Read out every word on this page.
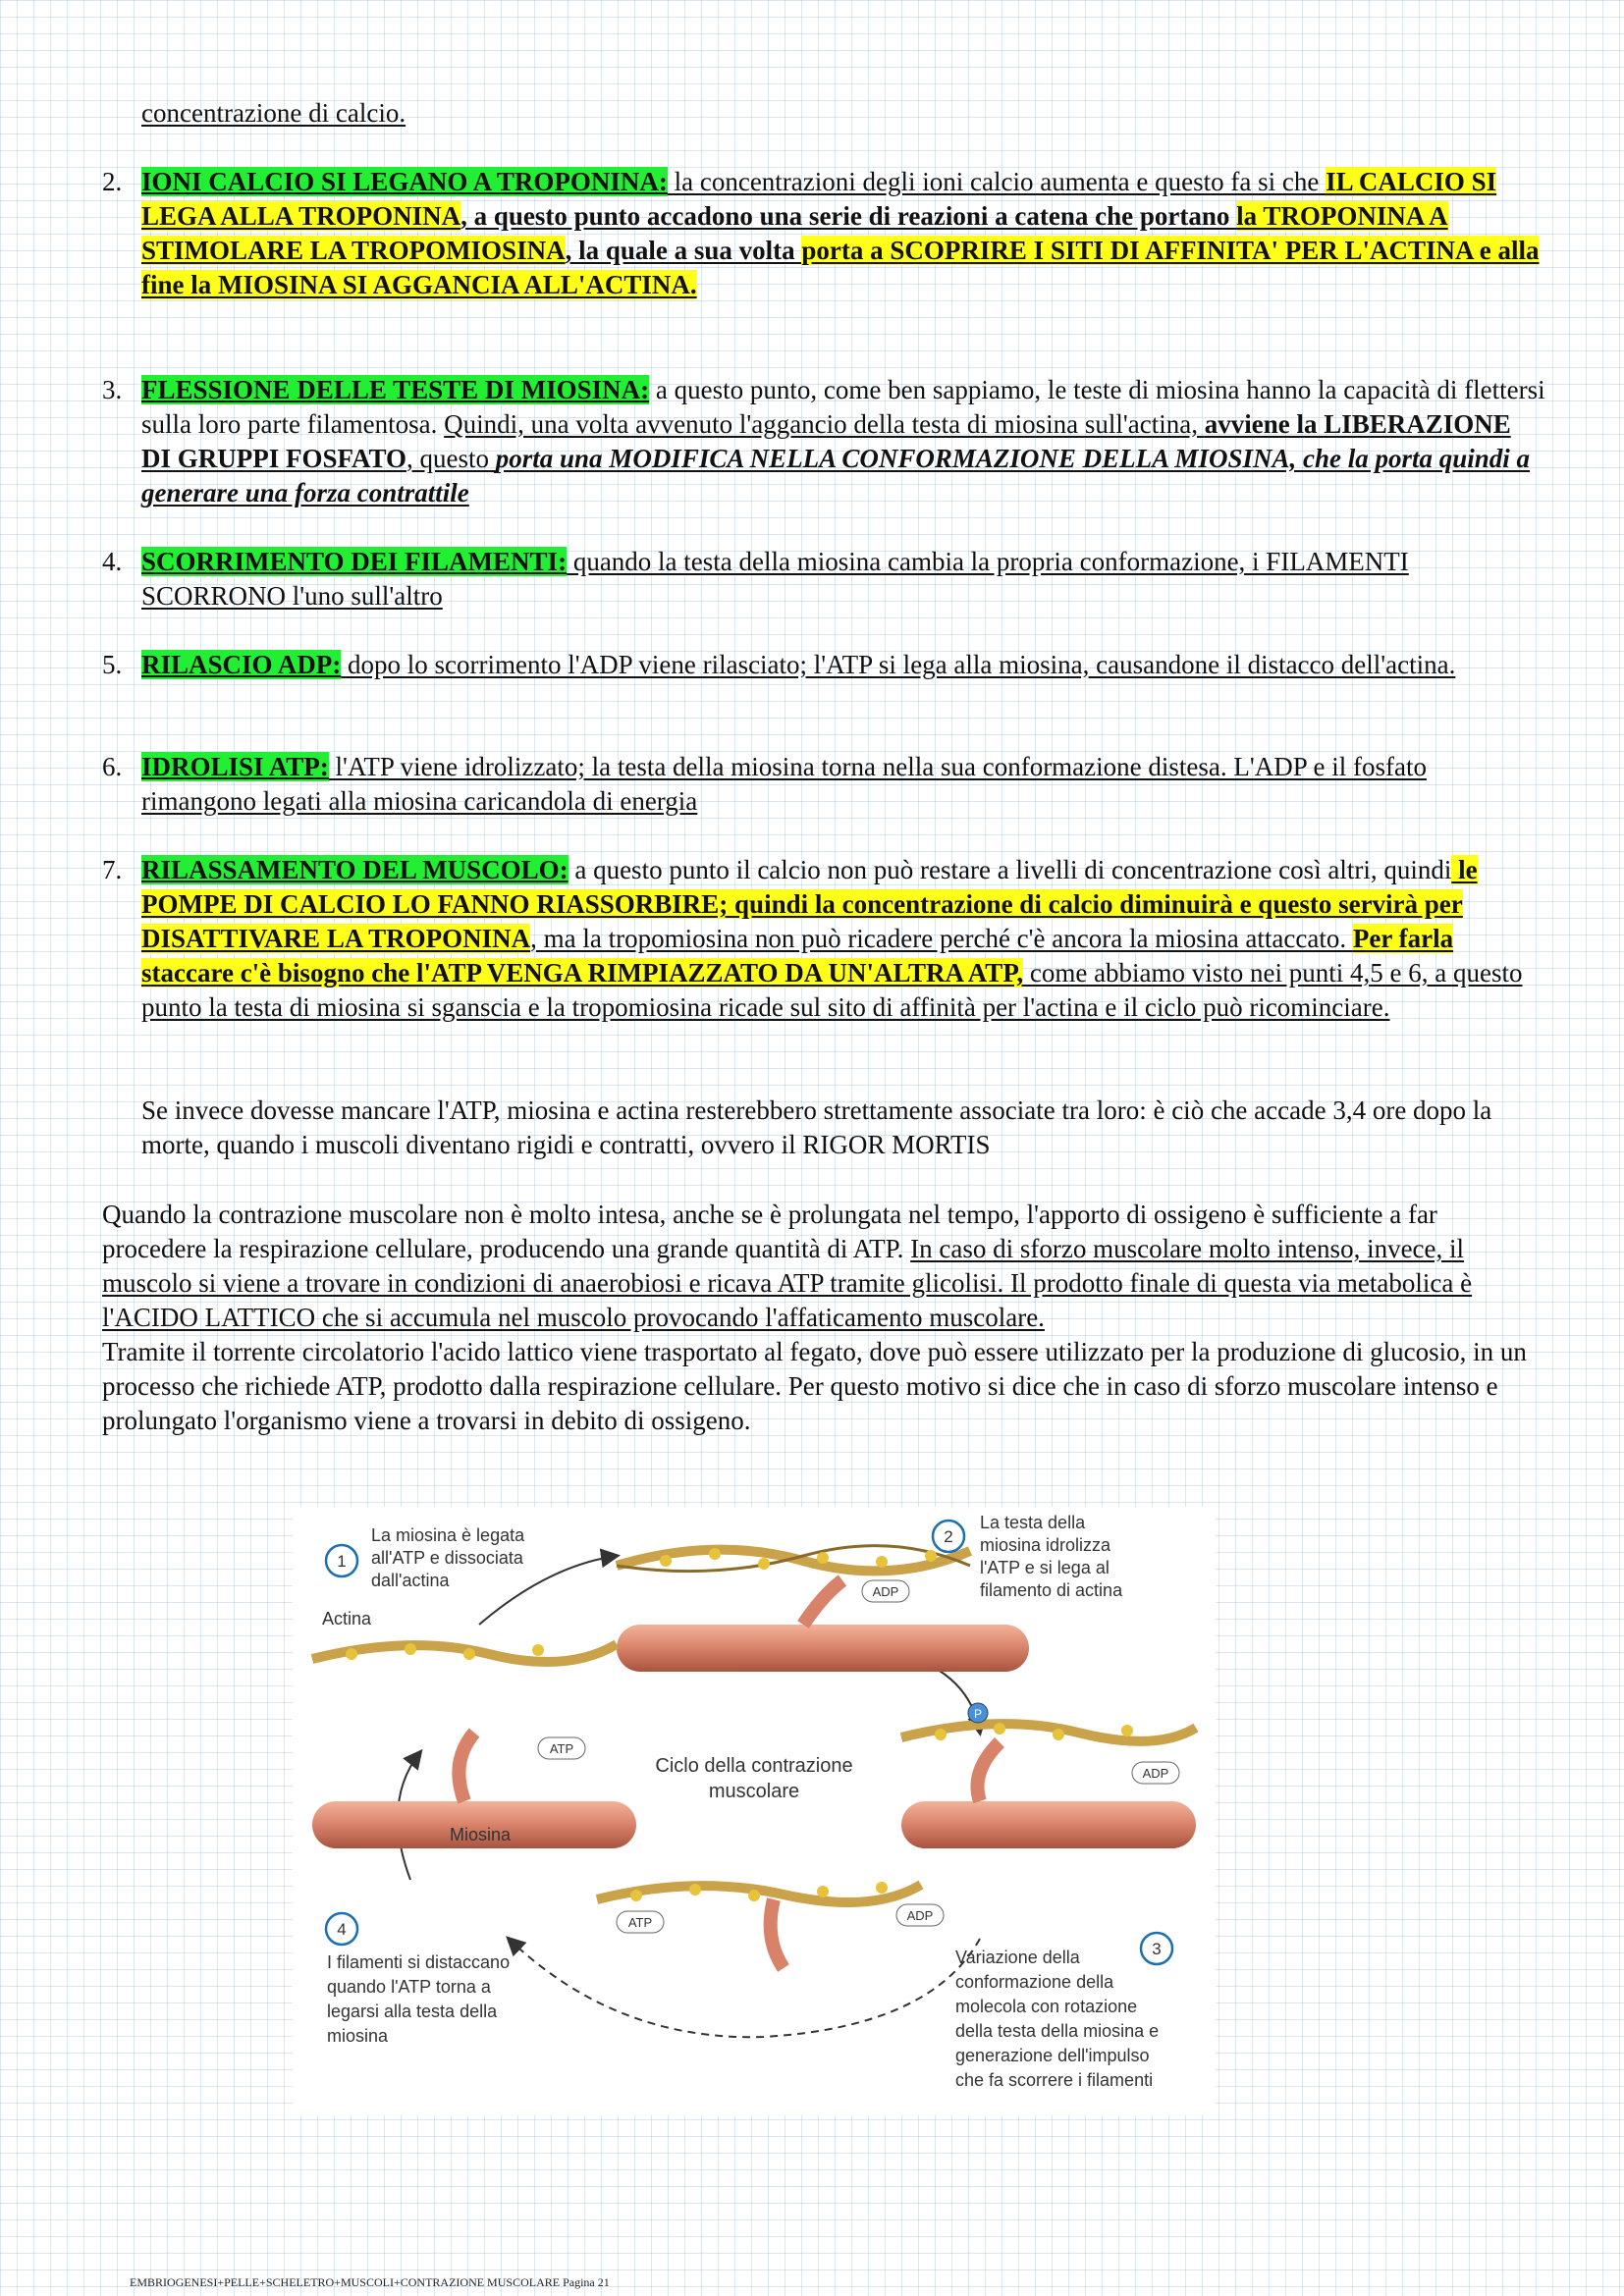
concentrazione di calcio.
2. IONI CALCIO SI LEGANO A TROPONINA: la concentrazioni degli ioni calcio aumenta e questo fa si che IL CALCIO SI LEGA ALLA TROPONINA, a questo punto accadono una serie di reazioni a catena che portano la TROPONINA A STIMOLARE LA TROPOMIOSINA, la quale a sua volta porta a SCOPRIRE I SITI DI AFFINITA' PER L'ACTINA e alla fine la MIOSINA SI AGGANCIA ALL'ACTINA.
3. FLESSIONE DELLE TESTE DI MIOSINA: a questo punto, come ben sappiamo, le teste di miosina hanno la capacità di flettersi sulla loro parte filamentosa. Quindi, una volta avvenuto l'aggancio della testa di miosina sull'actina, avviene la LIBERAZIONE DI GRUPPI FOSFATO, questo porta una MODIFICA NELLA CONFORMAZIONE DELLA MIOSINA, che la porta quindi a generare una forza contrattile
4. SCORRIMENTO DEI FILAMENTI: quando la testa della miosina cambia la propria conformazione, i FILAMENTI SCORRONO l'uno sull'altro
5. RILASCIO ADP: dopo lo scorrimento l'ADP viene rilasciato; l'ATP si lega alla miosina, causandone il distacco dell'actina.
6. IDROLISI ATP: l'ATP viene idrolizzato; la testa della miosina torna nella sua conformazione distesa. L'ADP e il fosfato rimangono legati alla miosina caricandola di energia
7. RILASSAMENTO DEL MUSCOLO: a questo punto il calcio non può restare a livelli di concentrazione così altri, quindi le POMPE DI CALCIO LO FANNO RIASSORBIRE; quindi la concentrazione di calcio diminuirà e questo servirà per DISATTIVARE LA TROPONINA, ma la tropomiosina non può ricadere perché c'è ancora la miosina attaccato. Per farla staccare c'è bisogno che l'ATP VENGA RIMPIAZZATO DA UN'ALTRA ATP, come abbiamo visto nei punti 4,5 e 6, a questo punto la testa di miosina si sganscia e la tropomiosina ricade sul sito di affinità per l'actina e il ciclo può ricominciare.
Se invece dovesse mancare l'ATP, miosina e actina resterebbero strettamente associate tra loro: è ciò che accade 3,4 ore dopo la morte, quando i muscoli diventano rigidi e contratti, ovvero il RIGOR MORTIS
Quando la contrazione muscolare non è molto intesa, anche se è prolungata nel tempo, l'apporto di ossigeno è sufficiente a far procedere la respirazione cellulare, producendo una grande quantità di ATP. In caso di sforzo muscolare molto intenso, invece, il muscolo si viene a trovare in condizioni di anaerobiosi e ricava ATP tramite glicolisi. Il prodotto finale di questa via metabolica è l'ACIDO LATTICO che si accumula nel muscolo provocando l'affaticamento muscolare.
Tramite il torrente circolatorio l'acido lattico viene trasportato al fegato, dove può essere utilizzato per la produzione di glucosio, in un processo che richiede ATP, prodotto dalla respirazione cellulare. Per questo motivo si dice che in caso di sforzo muscolare intenso e prolungato l'organismo viene a trovarsi in debito di ossigeno.
ATP
ATP
ADP
ADP
ADP
P
Actina
Miosina
Ciclo della contrazione
muscolare
1
La miosina è legata
all'ATP e dissociata
dall'actina
2
La testa della
miosina idrolizza
l'ATP e si lega al
filamento di actina
3
Variazione della
conformazione della
molecola con rotazione
della testa della miosina e
generazione dell'impulso
che fa scorrere i filamenti
4
I filamenti si distaccano
quando l'ATP torna a
legarsi alla testa della
miosina
EMBRIOGENESI+PELLE+SCHELETRO+MUSCOLI+CONTRAZIONE MUSCOLARE Pagina 21
